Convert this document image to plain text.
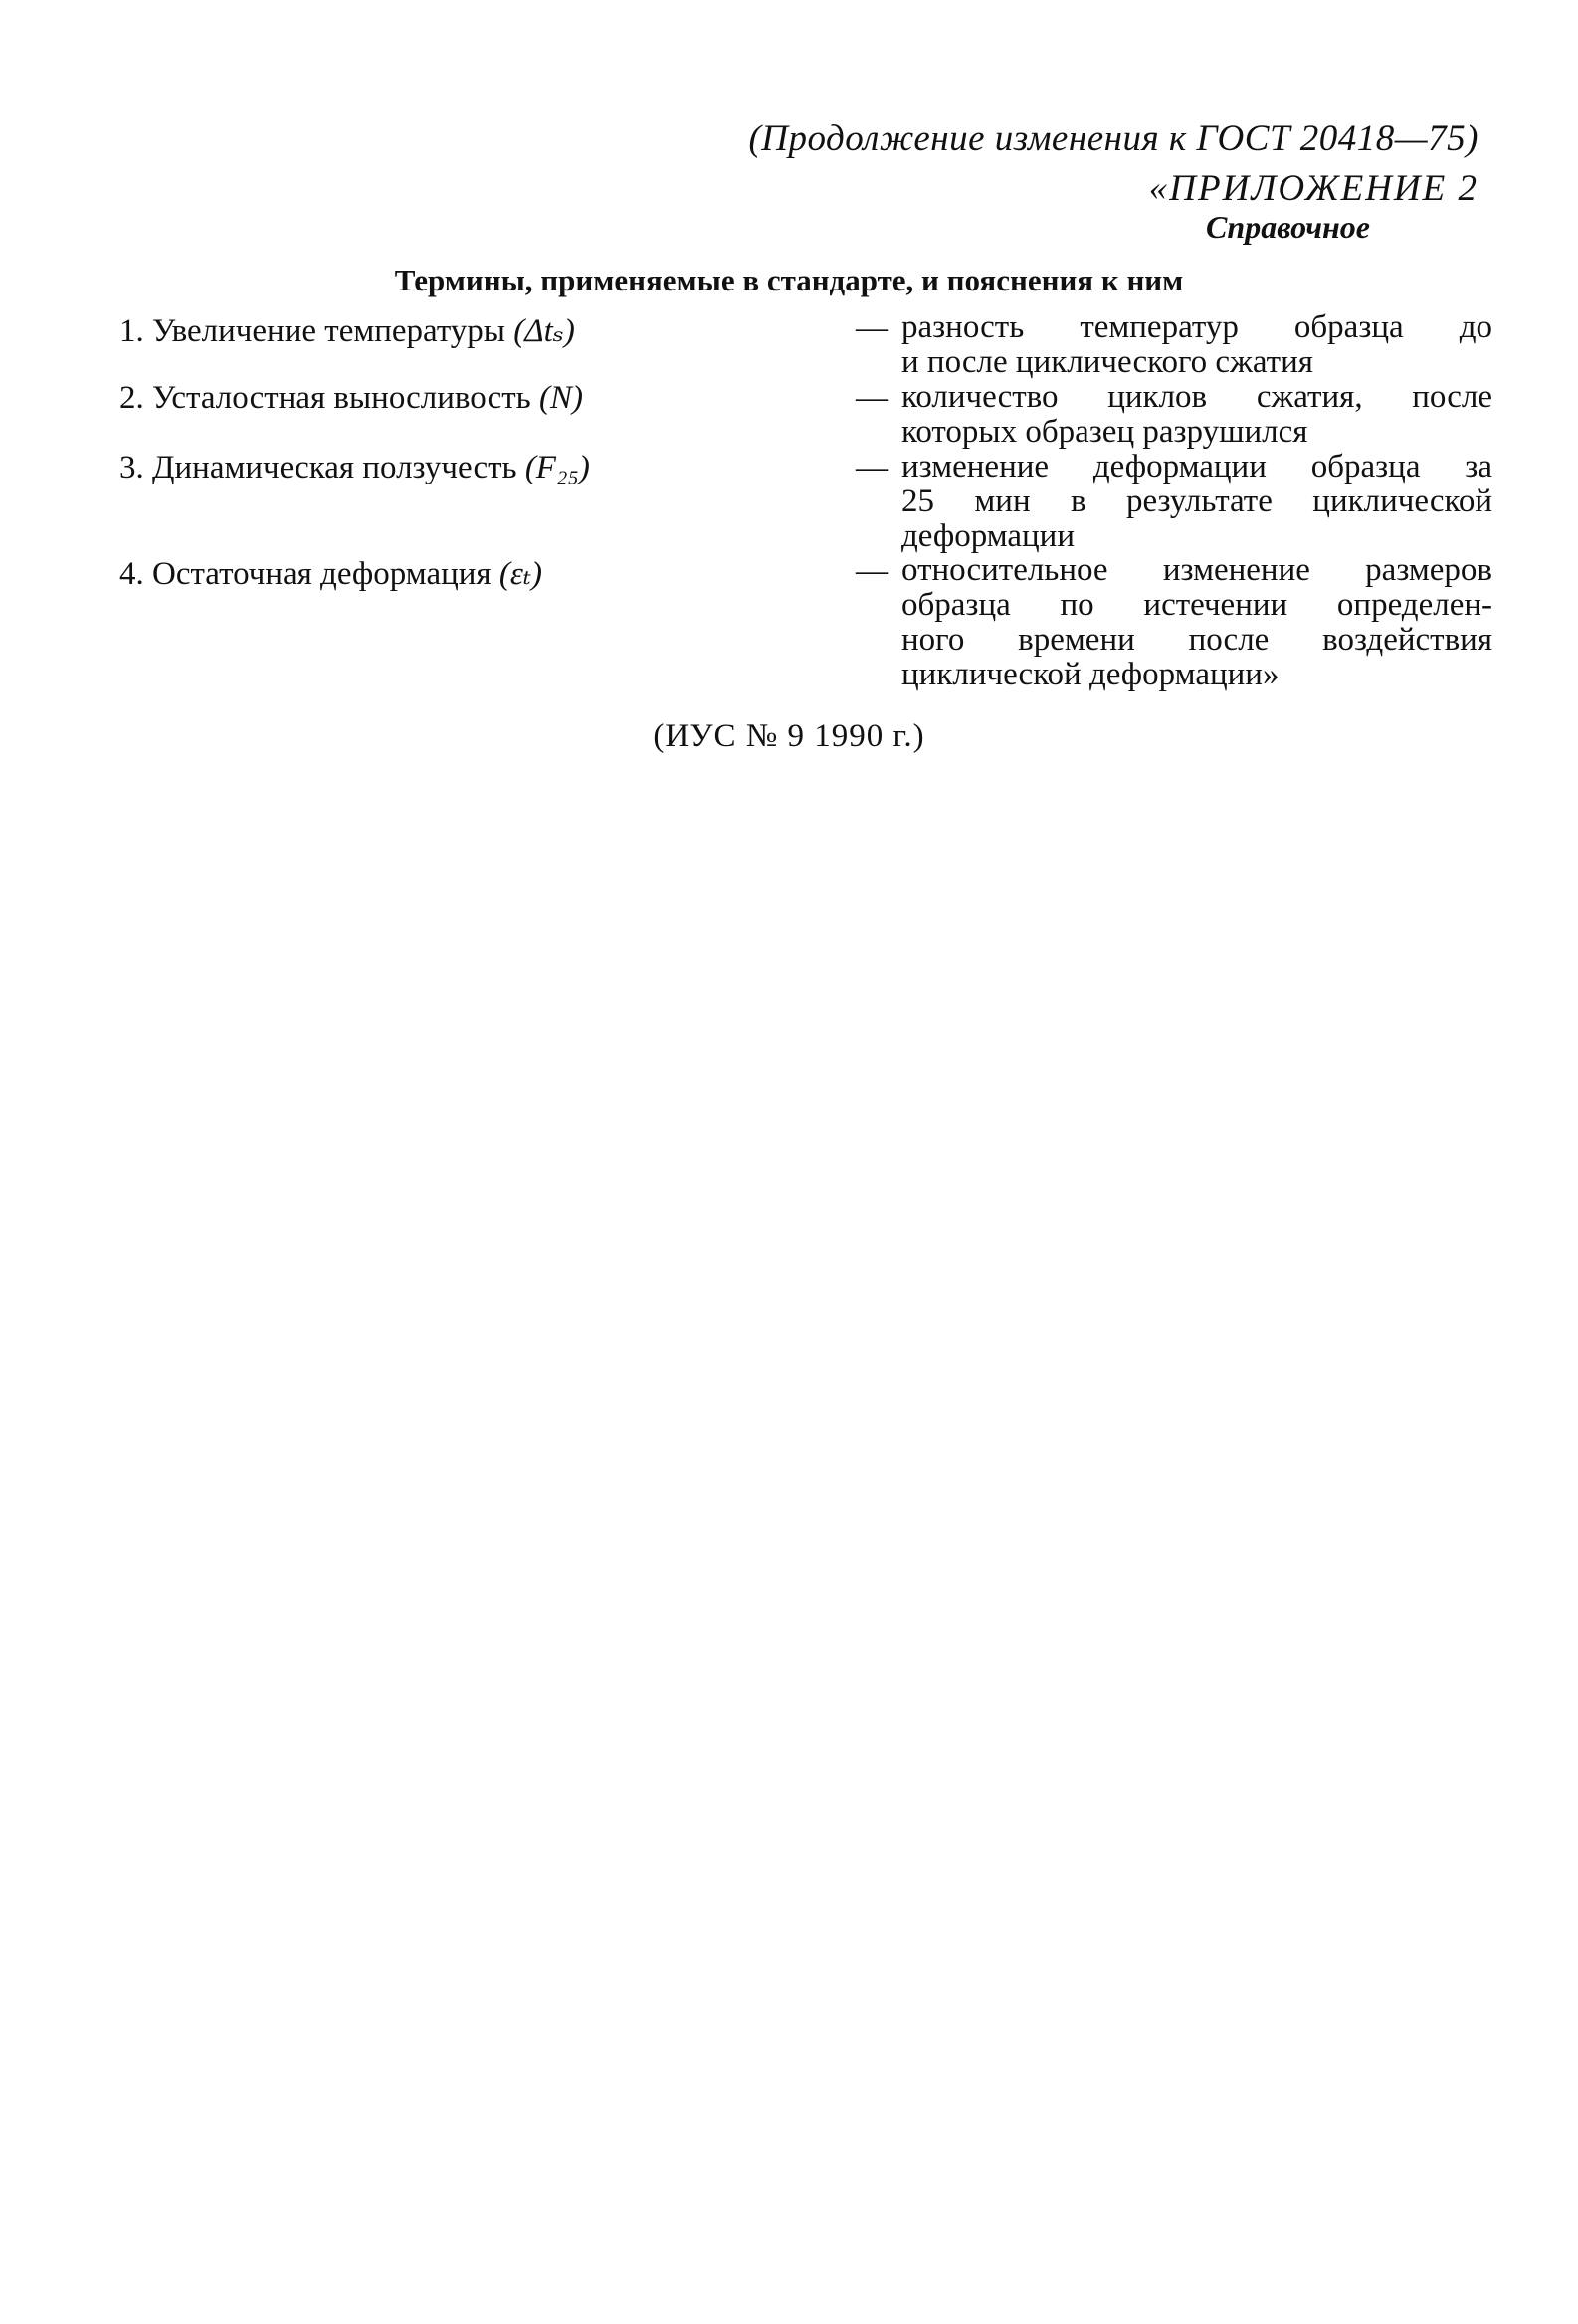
(Продолжение изменения к ГОСТ 20418—75)
«ПРИЛОЖЕНИЕ 2
Справочное
Термины, применяемые в стандарте, и пояснения к ним
1. Увеличение температуры (Δtₛ)	— разность температур образца до
и после циклического сжатия
2. Усталостная выносливость (N)	— количество циклов сжатия, после
которых образец разрушился
3. Динамическая ползучесть (F₂₅)	— изменение деформации образца за
25 мин в результате циклической
деформации
4. Остаточная деформация (εₜ)	— относительное изменение размеров
образца по истечении определен-
ного времени после воздействия
циклической деформации»
(ИУС № 9 1990 г.)
